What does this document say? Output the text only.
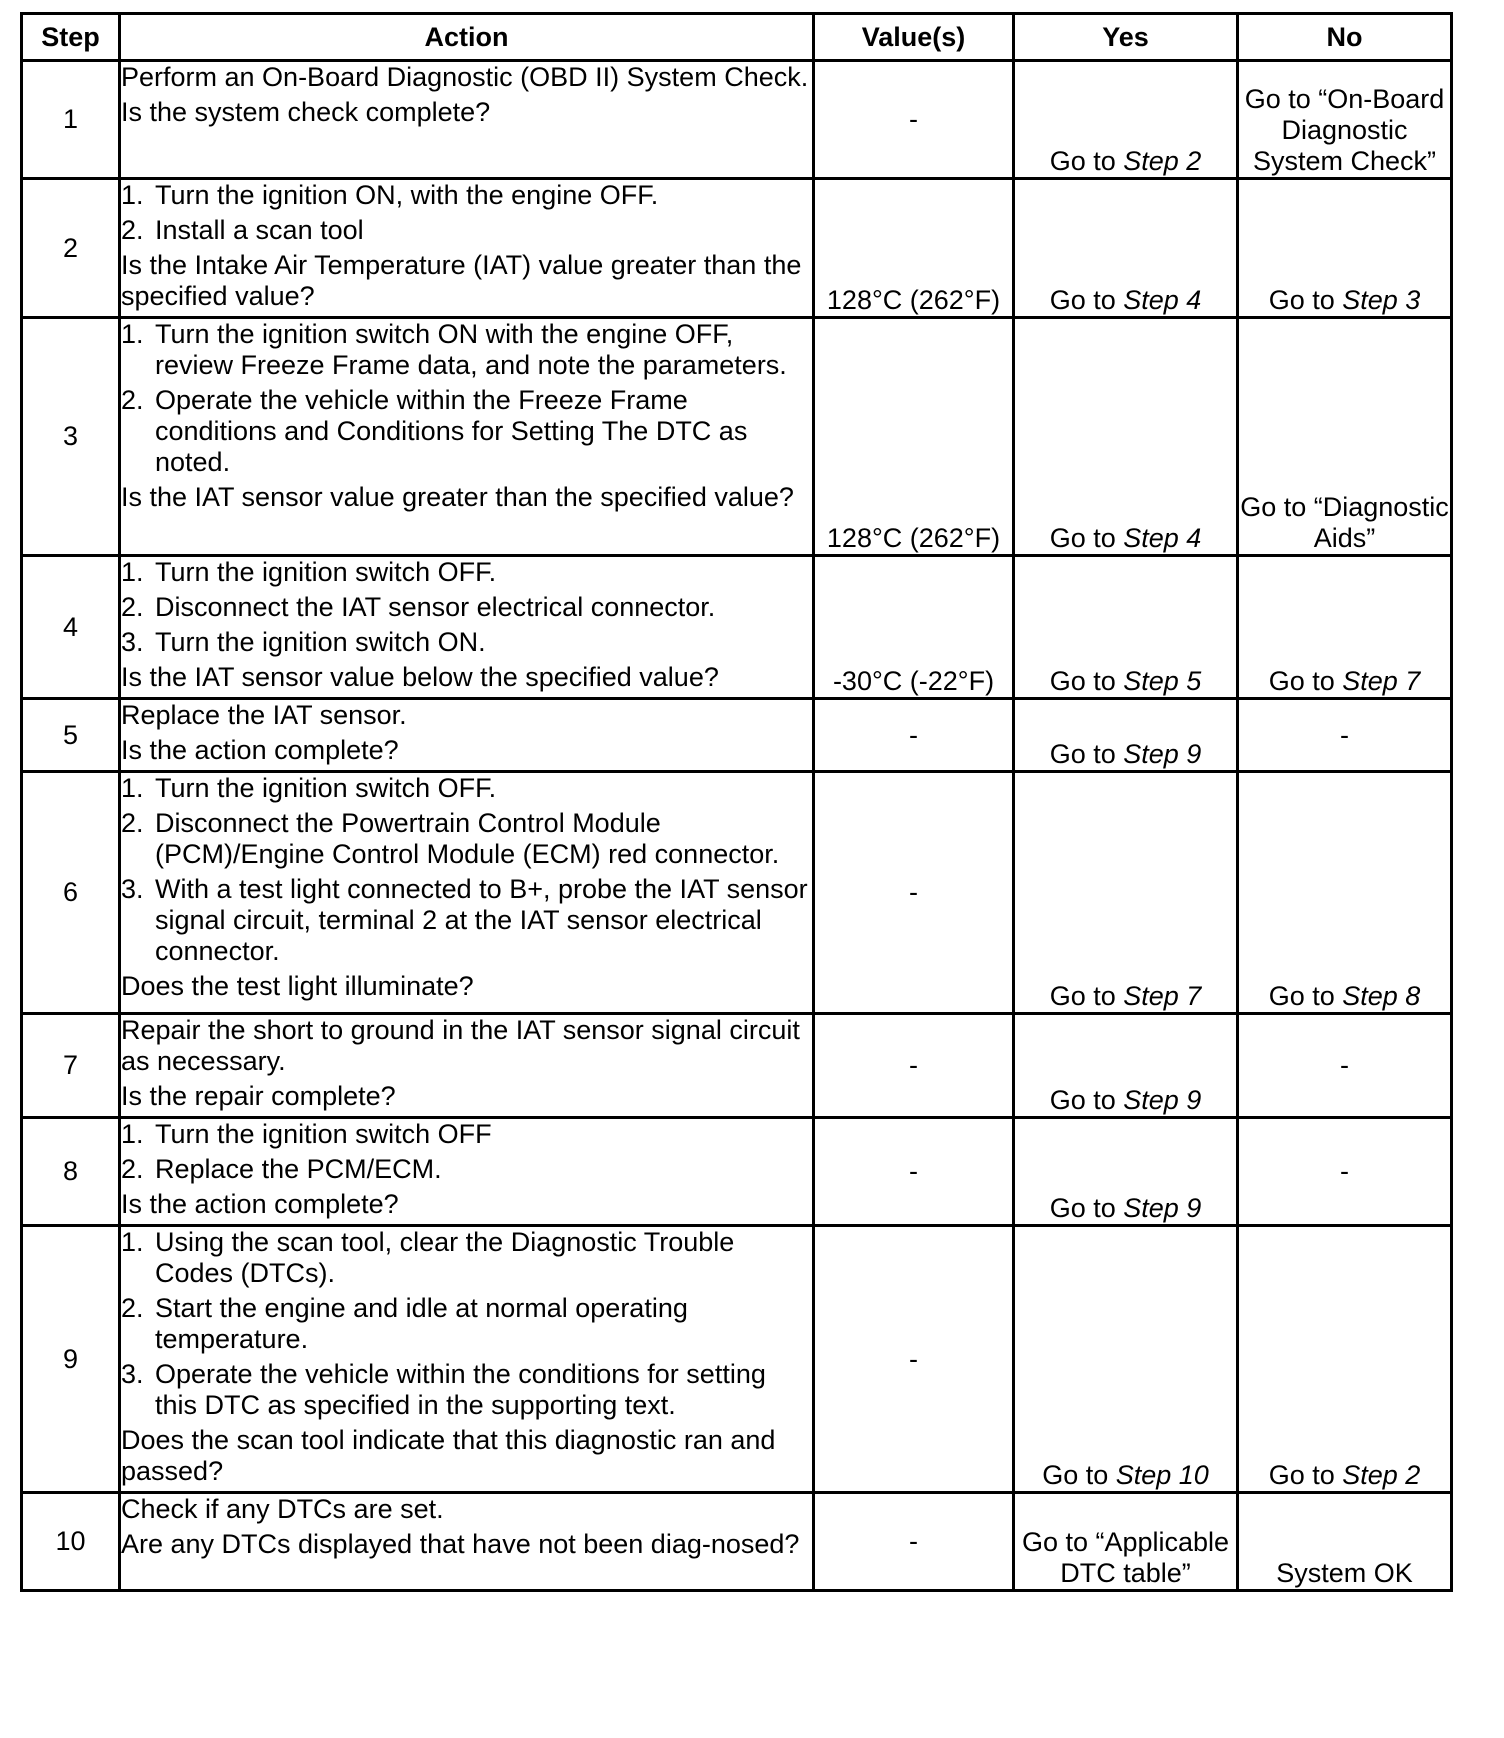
Step	Action	Value(s)	Yes	No
1	Perform an On-Board Diagnostic (OBD II) System Check.
Is the system check complete?	-	Go to Step 2	Go to “On-Board Diagnostic System Check”
2	1. Turn the ignition ON, with the engine OFF.
2. Install a scan tool
Is the Intake Air Temperature (IAT) value greater than the specified value?	128°C (262°F)	Go to Step 4	Go to Step 3
3	1. Turn the ignition switch ON with the engine OFF, review Freeze Frame data, and note the parameters.
2. Operate the vehicle within the Freeze Frame conditions and Conditions for Setting The DTC as noted.
Is the IAT sensor value greater than the specified value?	128°C (262°F)	Go to Step 4	Go to “Diagnostic Aids”
4	1. Turn the ignition switch OFF.
2. Disconnect the IAT sensor electrical connector.
3. Turn the ignition switch ON.
Is the IAT sensor value below the specified value?	-30°C (-22°F)	Go to Step 5	Go to Step 7
5	Replace the IAT sensor.
Is the action complete?	-	Go to Step 9	-
6	1. Turn the ignition switch OFF.
2. Disconnect the Powertrain Control Module (PCM)/Engine Control Module (ECM) red connector.
3. With a test light connected to B+, probe the IAT sensor signal circuit, terminal 2 at the IAT sensor electrical connector.
Does the test light illuminate?	-	Go to Step 7	Go to Step 8
7	Repair the short to ground in the IAT sensor signal circuit as necessary.
Is the repair complete?	-	Go to Step 9	-
8	1. Turn the ignition switch OFF
2. Replace the PCM/ECM.
Is the action complete?	-	Go to Step 9	-
9	1. Using the scan tool, clear the Diagnostic Trouble Codes (DTCs).
2. Start the engine and idle at normal operating temperature.
3. Operate the vehicle within the conditions for setting this DTC as specified in the supporting text.
Does the scan tool indicate that this diagnostic ran and passed?	-	Go to Step 10	Go to Step 2
10	Check if any DTCs are set.
Are any DTCs displayed that have not been diag-nosed?	-	Go to “Applicable DTC table”	System OK
